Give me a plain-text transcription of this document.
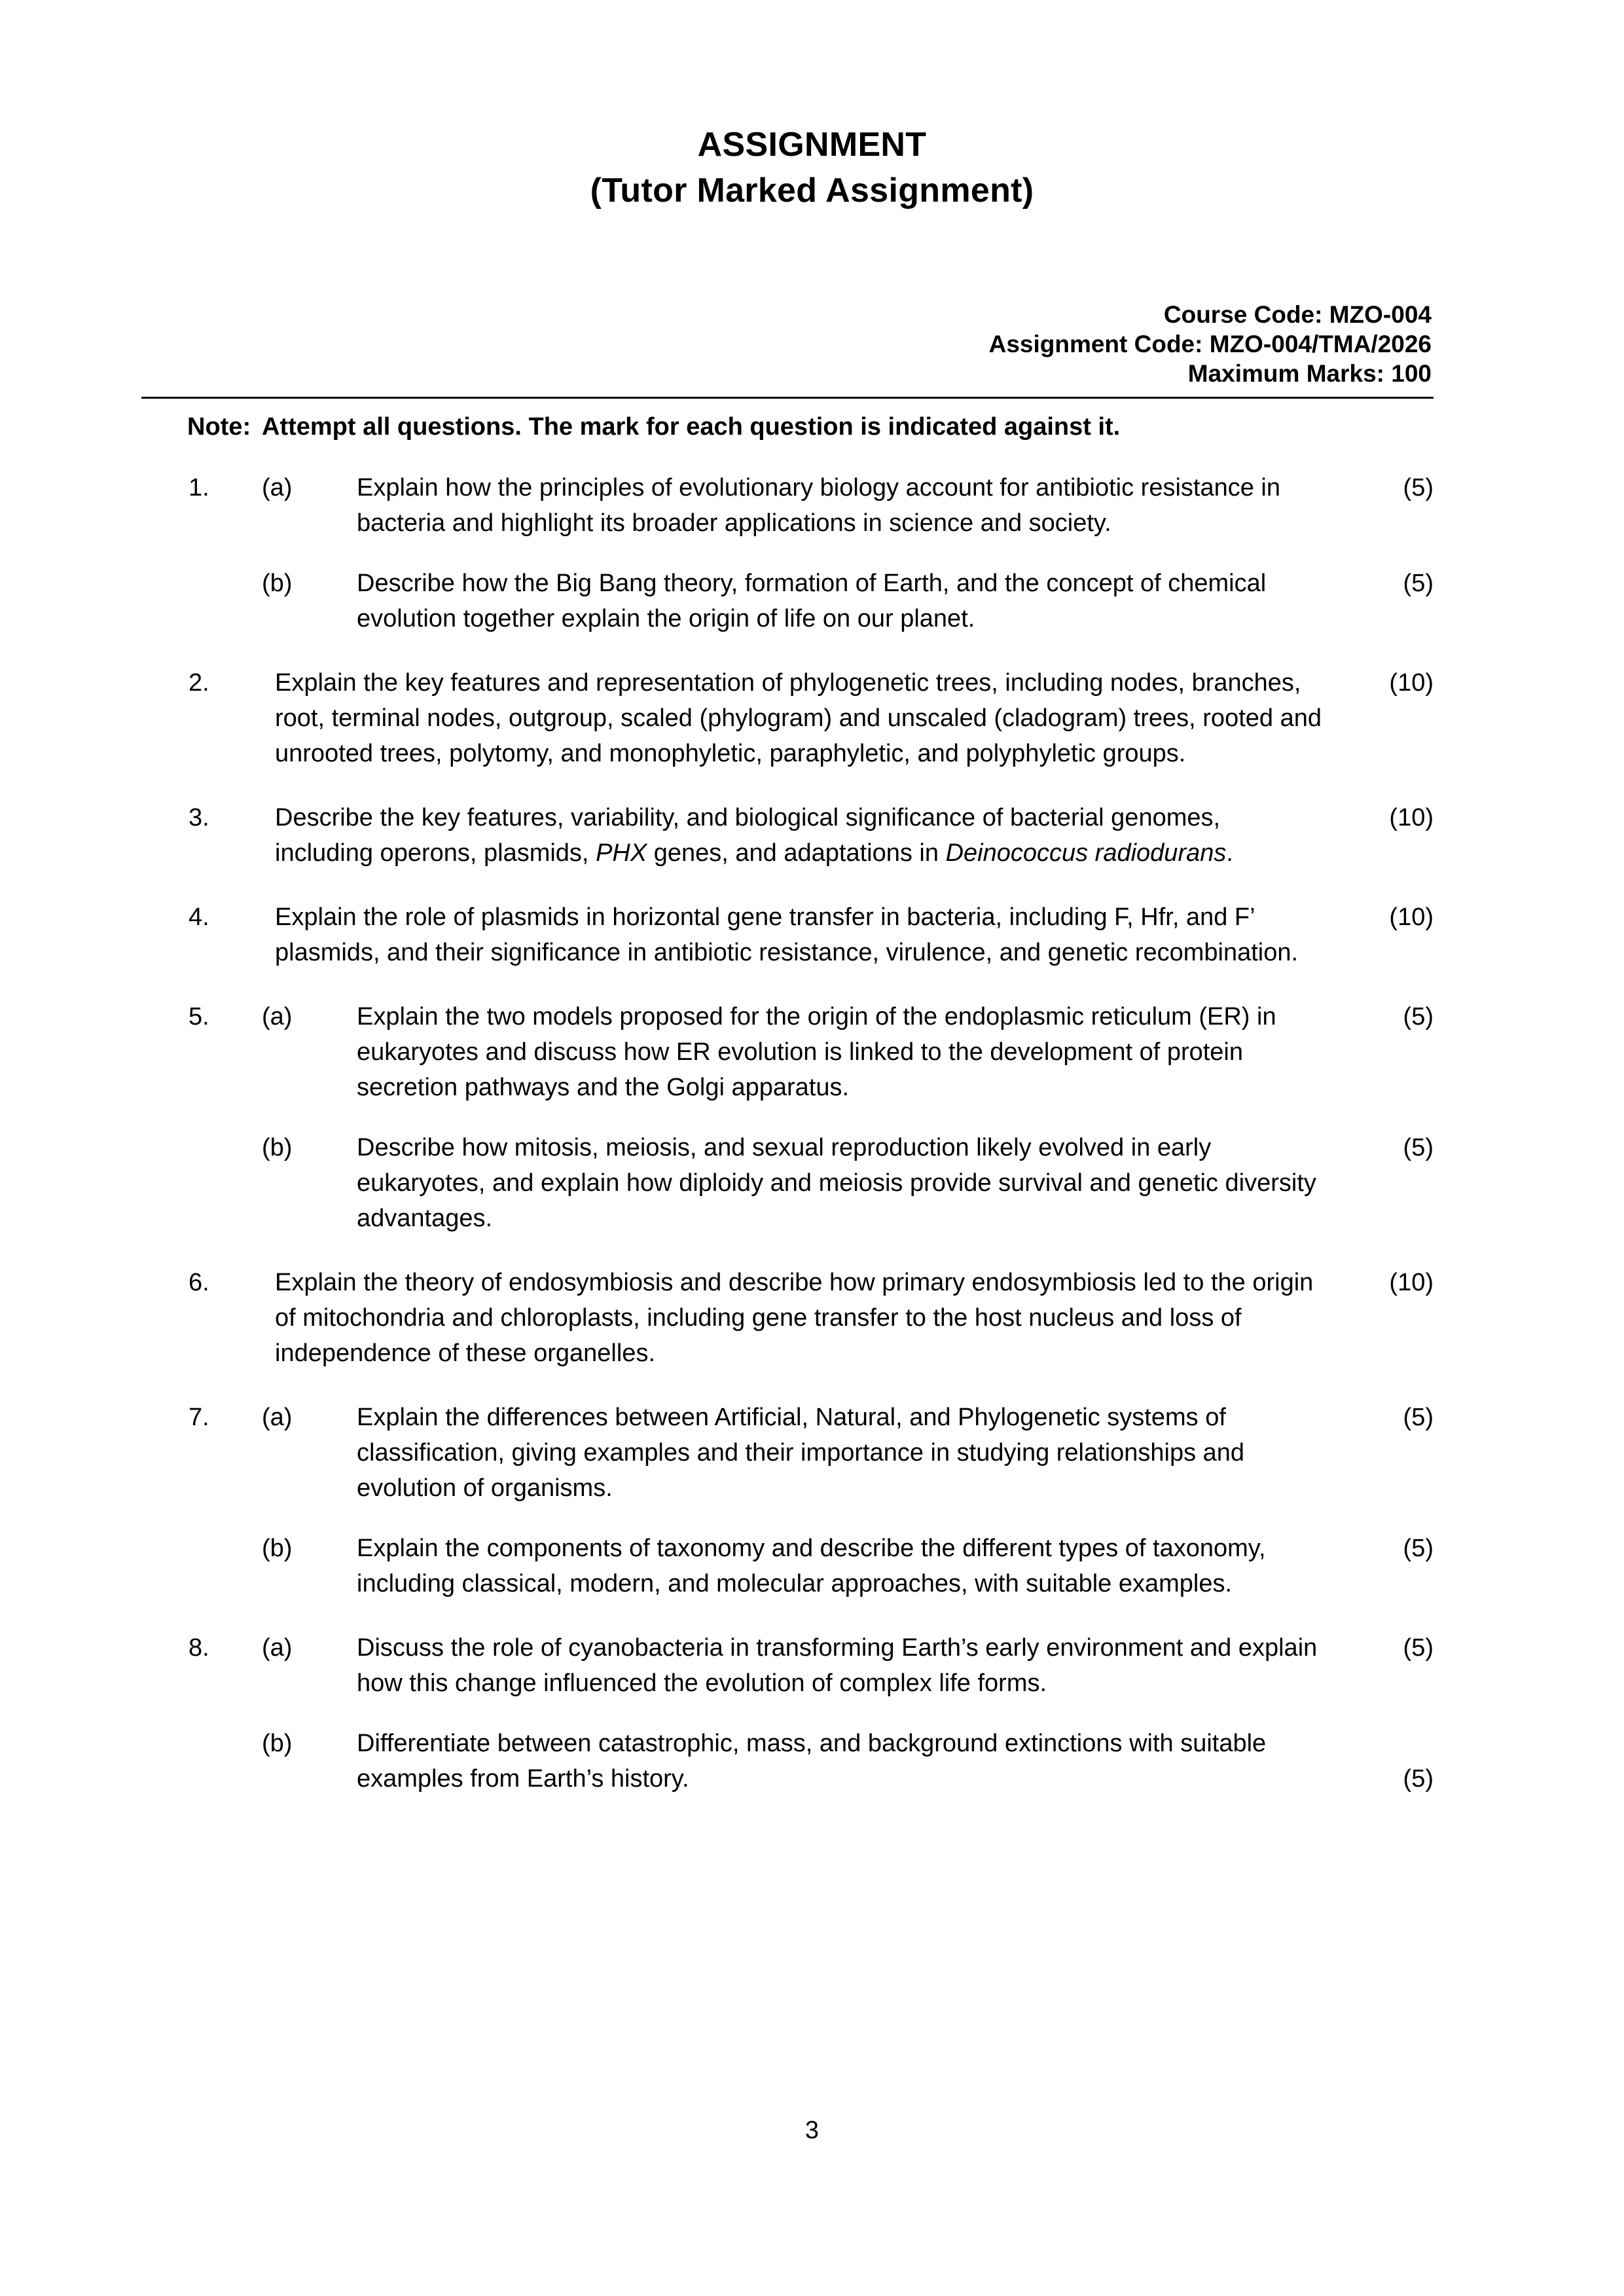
ASSIGNMENT
(Tutor Marked Assignment)
Course Code: MZO-004
Assignment Code: MZO-004/TMA/2026
Maximum Marks: 100
Note: Attempt all questions. The mark for each question is indicated against it.
1.	(a)	Explain how the principles of evolutionary biology account for antibiotic resistance in bacteria and highlight its broader applications in science and society.
(5)
(b)	Describe how the Big Bang theory, formation of Earth, and the concept of chemical evolution together explain the origin of life on our planet.
(5)
2.	Explain the key features and representation of phylogenetic trees, including nodes, branches, root, terminal nodes, outgroup, scaled (phylogram) and unscaled (cladogram) trees, rooted and unrooted trees, polytomy, and monophyletic, paraphyletic, and polyphyletic groups.
(10)
3.	Describe the key features, variability, and biological significance of bacterial genomes, including operons, plasmids, PHX genes, and adaptations in Deinococcus radiodurans.
(10)
4.	Explain the role of plasmids in horizontal gene transfer in bacteria, including F, Hfr, and F’ plasmids, and their significance in antibiotic resistance, virulence, and genetic recombination.
(10)
5.	(a)	Explain the two models proposed for the origin of the endoplasmic reticulum (ER) in eukaryotes and discuss how ER evolution is linked to the development of protein secretion pathways and the Golgi apparatus.
(5)
(b)	Describe how mitosis, meiosis, and sexual reproduction likely evolved in early eukaryotes, and explain how diploidy and meiosis provide survival and genetic diversity advantages.
(5)
6.	Explain the theory of endosymbiosis and describe how primary endosymbiosis led to the origin of mitochondria and chloroplasts, including gene transfer to the host nucleus and loss of independence of these organelles.
(10)
7.	(a)	Explain the differences between Artificial, Natural, and Phylogenetic systems of classification, giving examples and their importance in studying relationships and evolution of organisms.
(5)
(b)	Explain the components of taxonomy and describe the different types of taxonomy, including classical, modern, and molecular approaches, with suitable examples.
(5)
8.	(a)	Discuss the role of cyanobacteria in transforming Earth’s early environment and explain how this change influenced the evolution of complex life forms.
(5)
(b)	Differentiate between catastrophic, mass, and background extinctions with suitable examples from Earth’s history.	(5)
3
